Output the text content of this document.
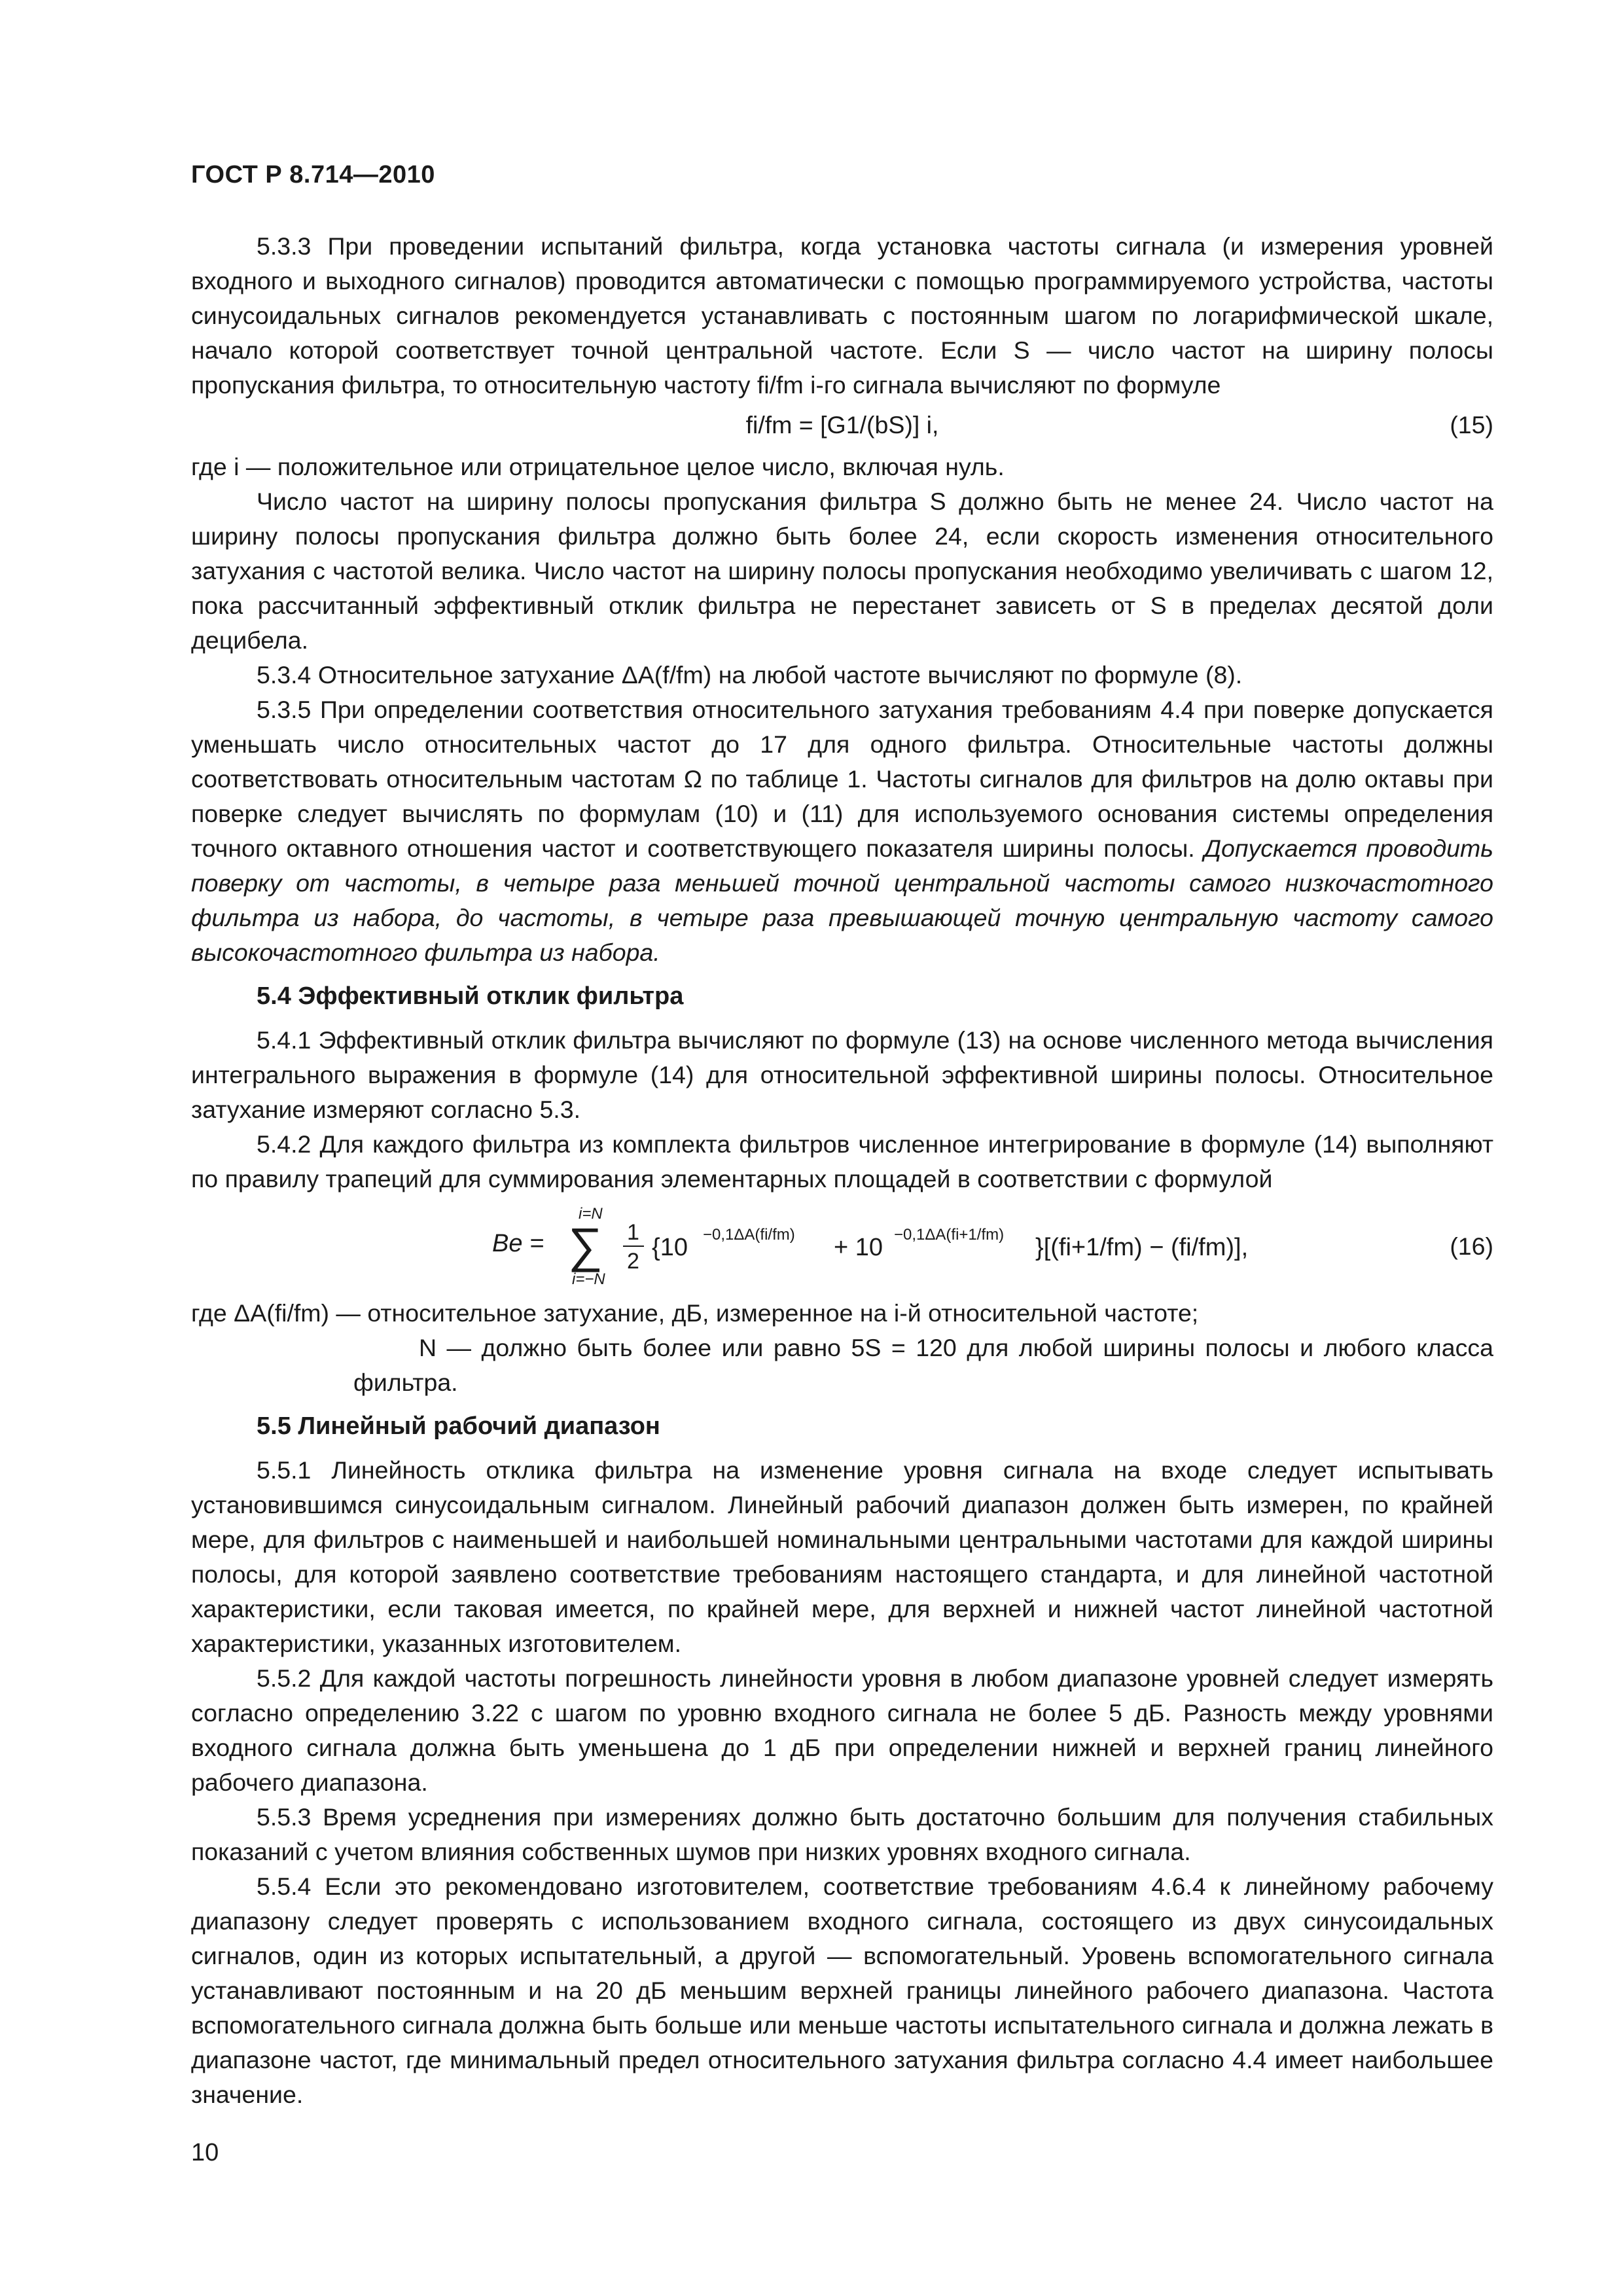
ГОСТ Р 8.714—2010

5.3.3 При проведении испытаний фильтра, когда установка частоты сигнала (и измерения уровней входного и выходного сигналов) проводится автоматически с помощью программируемого устройства, частоты синусоидальных сигналов рекомендуется устанавливать с постоянным шагом по логарифмической шкале, начало которой соответствует точной центральной частоте. Если S — число частот на ширину полосы пропускания фильтра, то относительную частоту fi/fm i-го сигнала вычисляют по формуле

fi/fm = [G1/(bS)] i,	(15)

где i — положительное или отрицательное целое число, включая нуль.

Число частот на ширину полосы пропускания фильтра S должно быть не менее 24. Число частот на ширину полосы пропускания фильтра должно быть более 24, если скорость изменения относительного затухания с частотой велика. Число частот на ширину полосы пропускания необходимо увеличивать с шагом 12, пока рассчитанный эффективный отклик фильтра не перестанет зависеть от S в пределах десятой доли децибела.

5.3.4 Относительное затухание ΔA(f/fm) на любой частоте вычисляют по формуле (8).

5.3.5 При определении соответствия относительного затухания требованиям 4.4 при поверке допускается уменьшать число относительных частот до 17 для одного фильтра. Относительные частоты должны соответствовать относительным частотам Ω по таблице 1. Частоты сигналов для фильтров на долю октавы при поверке следует вычислять по формулам (10) и (11) для используемого основания системы определения точного октавного отношения частот и соответствующего показателя ширины полосы. Допускается проводить поверку от частоты, в четыре раза меньшей точной центральной частоты самого низкочастотного фильтра из набора, до частоты, в четыре раза превышающей точную центральную частоту самого высокочастотного фильтра из набора.

5.4 Эффективный отклик фильтра

5.4.1 Эффективный отклик фильтра вычисляют по формуле (13) на основе численного метода вычисления интегрального выражения в формуле (14) для относительной эффективной ширины полосы. Относительное затухание измеряют согласно 5.3.

5.4.2 Для каждого фильтра из комплекта фильтров численное интегрирование в формуле (14) выполняют по правилу трапеций для суммирования элементарных площадей в соответствии с формулой

Be =
i=N
∑
i=−N
1
2 {10 −0,1ΔA(fi/fm) + 10 −0,1ΔA(fi+1/fm) }[(fi+1/fm) − (fi/fm)],	(16)

где ΔA(fi/fm) — относительное затухание, дБ, измеренное на i-й относительной частоте;

N — должно быть более или равно 5S = 120 для любой ширины полосы и любого класса фильтра.

5.5 Линейный рабочий диапазон

5.5.1 Линейность отклика фильтра на изменение уровня сигнала на входе следует испытывать установившимся синусоидальным сигналом. Линейный рабочий диапазон должен быть измерен, по крайней мере, для фильтров с наименьшей и наибольшей номинальными центральными частотами для каждой ширины полосы, для которой заявлено соответствие требованиям настоящего стандарта, и для линейной частотной характеристики, если таковая имеется, по крайней мере, для верхней и нижней частот линейной частотной характеристики, указанных изготовителем.

5.5.2 Для каждой частоты погрешность линейности уровня в любом диапазоне уровней следует измерять согласно определению 3.22 с шагом по уровню входного сигнала не более 5 дБ. Разность между уровнями входного сигнала должна быть уменьшена до 1 дБ при определении нижней и верхней границ линейного рабочего диапазона.

5.5.3 Время усреднения при измерениях должно быть достаточно большим для получения стабильных показаний с учетом влияния собственных шумов при низких уровнях входного сигнала.

5.5.4 Если это рекомендовано изготовителем, соответствие требованиям 4.6.4 к линейному рабочему диапазону следует проверять с использованием входного сигнала, состоящего из двух синусоидальных сигналов, один из которых испытательный, а другой — вспомогательный. Уровень вспомогательного сигнала устанавливают постоянным и на 20 дБ меньшим верхней границы линейного рабочего диапазона. Частота вспомогательного сигнала должна быть больше или меньше частоты испытательного сигнала и должна лежать в диапазоне частот, где минимальный предел относительного затухания фильтра согласно 4.4 имеет наибольшее значение.

10
